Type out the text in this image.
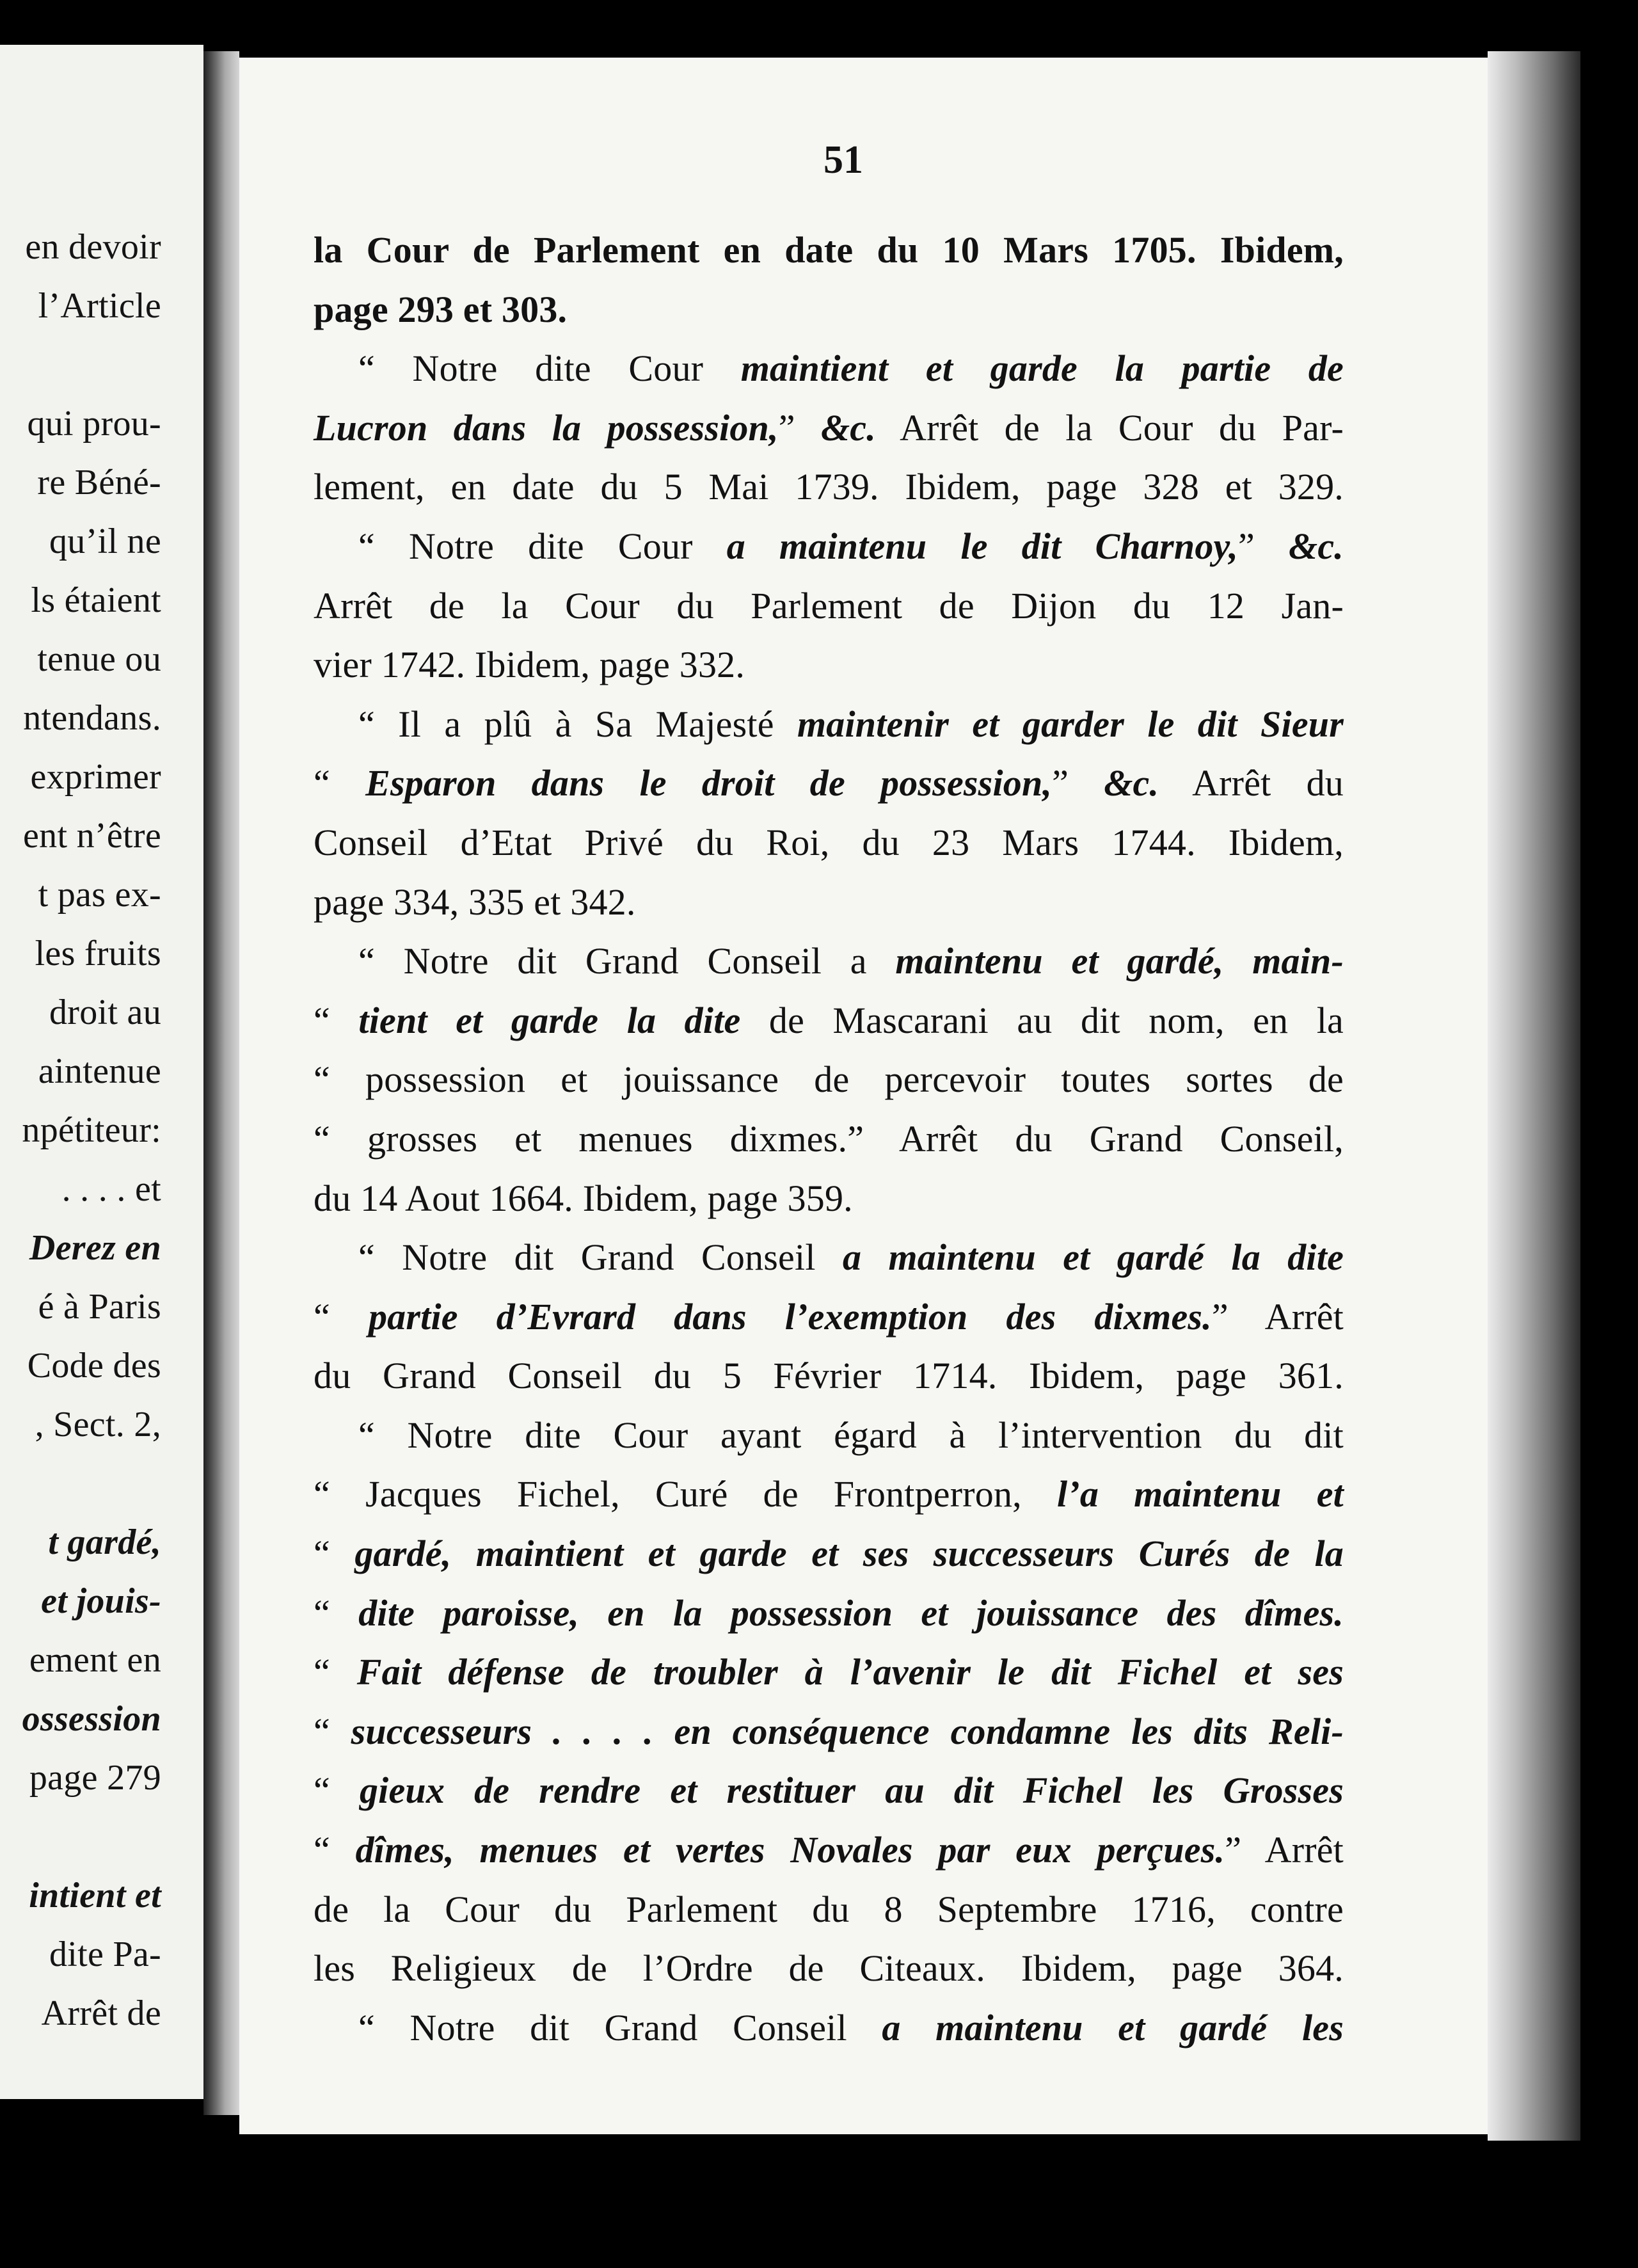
en devoir
l’Article
qui prou-
re Béné-
qu’il ne
ls étaient
tenue ou
ntendans.
exprimer
ent n’être
t pas ex-
les fruits
droit au
aintenue
npétiteur:
. . . . et
Derez en
é à Paris
Code des
, Sect. 2,
t gardé,
et jouis-
ement en
ossession
page 279
intient et
dite Pa-
Arrêt de
51
la Cour de Parlement en date du 10 Mars 1705. Ibidem,
page 293 et 303.
“ Notre dite Cour maintient et garde la partie de
Lucron dans la possession,” &c. Arrêt de la Cour du Par-
lement, en date du 5 Mai 1739. Ibidem, page 328 et 329.
“ Notre dite Cour a maintenu le dit Charnoy,” &c.
Arrêt de la Cour du Parlement de Dijon du 12 Jan-
vier 1742. Ibidem, page 332.
“ Il a plû à Sa Majesté maintenir et garder le dit Sieur
“ Esparon dans le droit de possession,” &c. Arrêt du
Conseil d’Etat Privé du Roi, du 23 Mars 1744. Ibidem,
page 334, 335 et 342.
“ Notre dit Grand Conseil a maintenu et gardé, main-
“ tient et garde la dite de Mascarani au dit nom, en la
“ possession et jouissance de percevoir toutes sortes de
“ grosses et menues dixmes.” Arrêt du Grand Conseil,
du 14 Aout 1664. Ibidem, page 359.
“ Notre dit Grand Conseil a maintenu et gardé la dite
“ partie d’Evrard dans l’exemption des dixmes.” Arrêt
du Grand Conseil du 5 Février 1714. Ibidem, page 361.
“ Notre dite Cour ayant égard à l’intervention du dit
“ Jacques Fichel, Curé de Frontperron, l’a maintenu et
“ gardé, maintient et garde et ses successeurs Curés de la
“ dite paroisse, en la possession et jouissance des dîmes.
“ Fait défense de troubler à l’avenir le dit Fichel et ses
“ successeurs . . . . en conséquence condamne les dits Reli-
“ gieux de rendre et restituer au dit Fichel les Grosses
“ dîmes, menues et vertes Novales par eux perçues.” Arrêt
de la Cour du Parlement du 8 Septembre 1716, contre
les Religieux de l’Ordre de Citeaux. Ibidem, page 364.
“ Notre dit Grand Conseil a maintenu et gardé les
